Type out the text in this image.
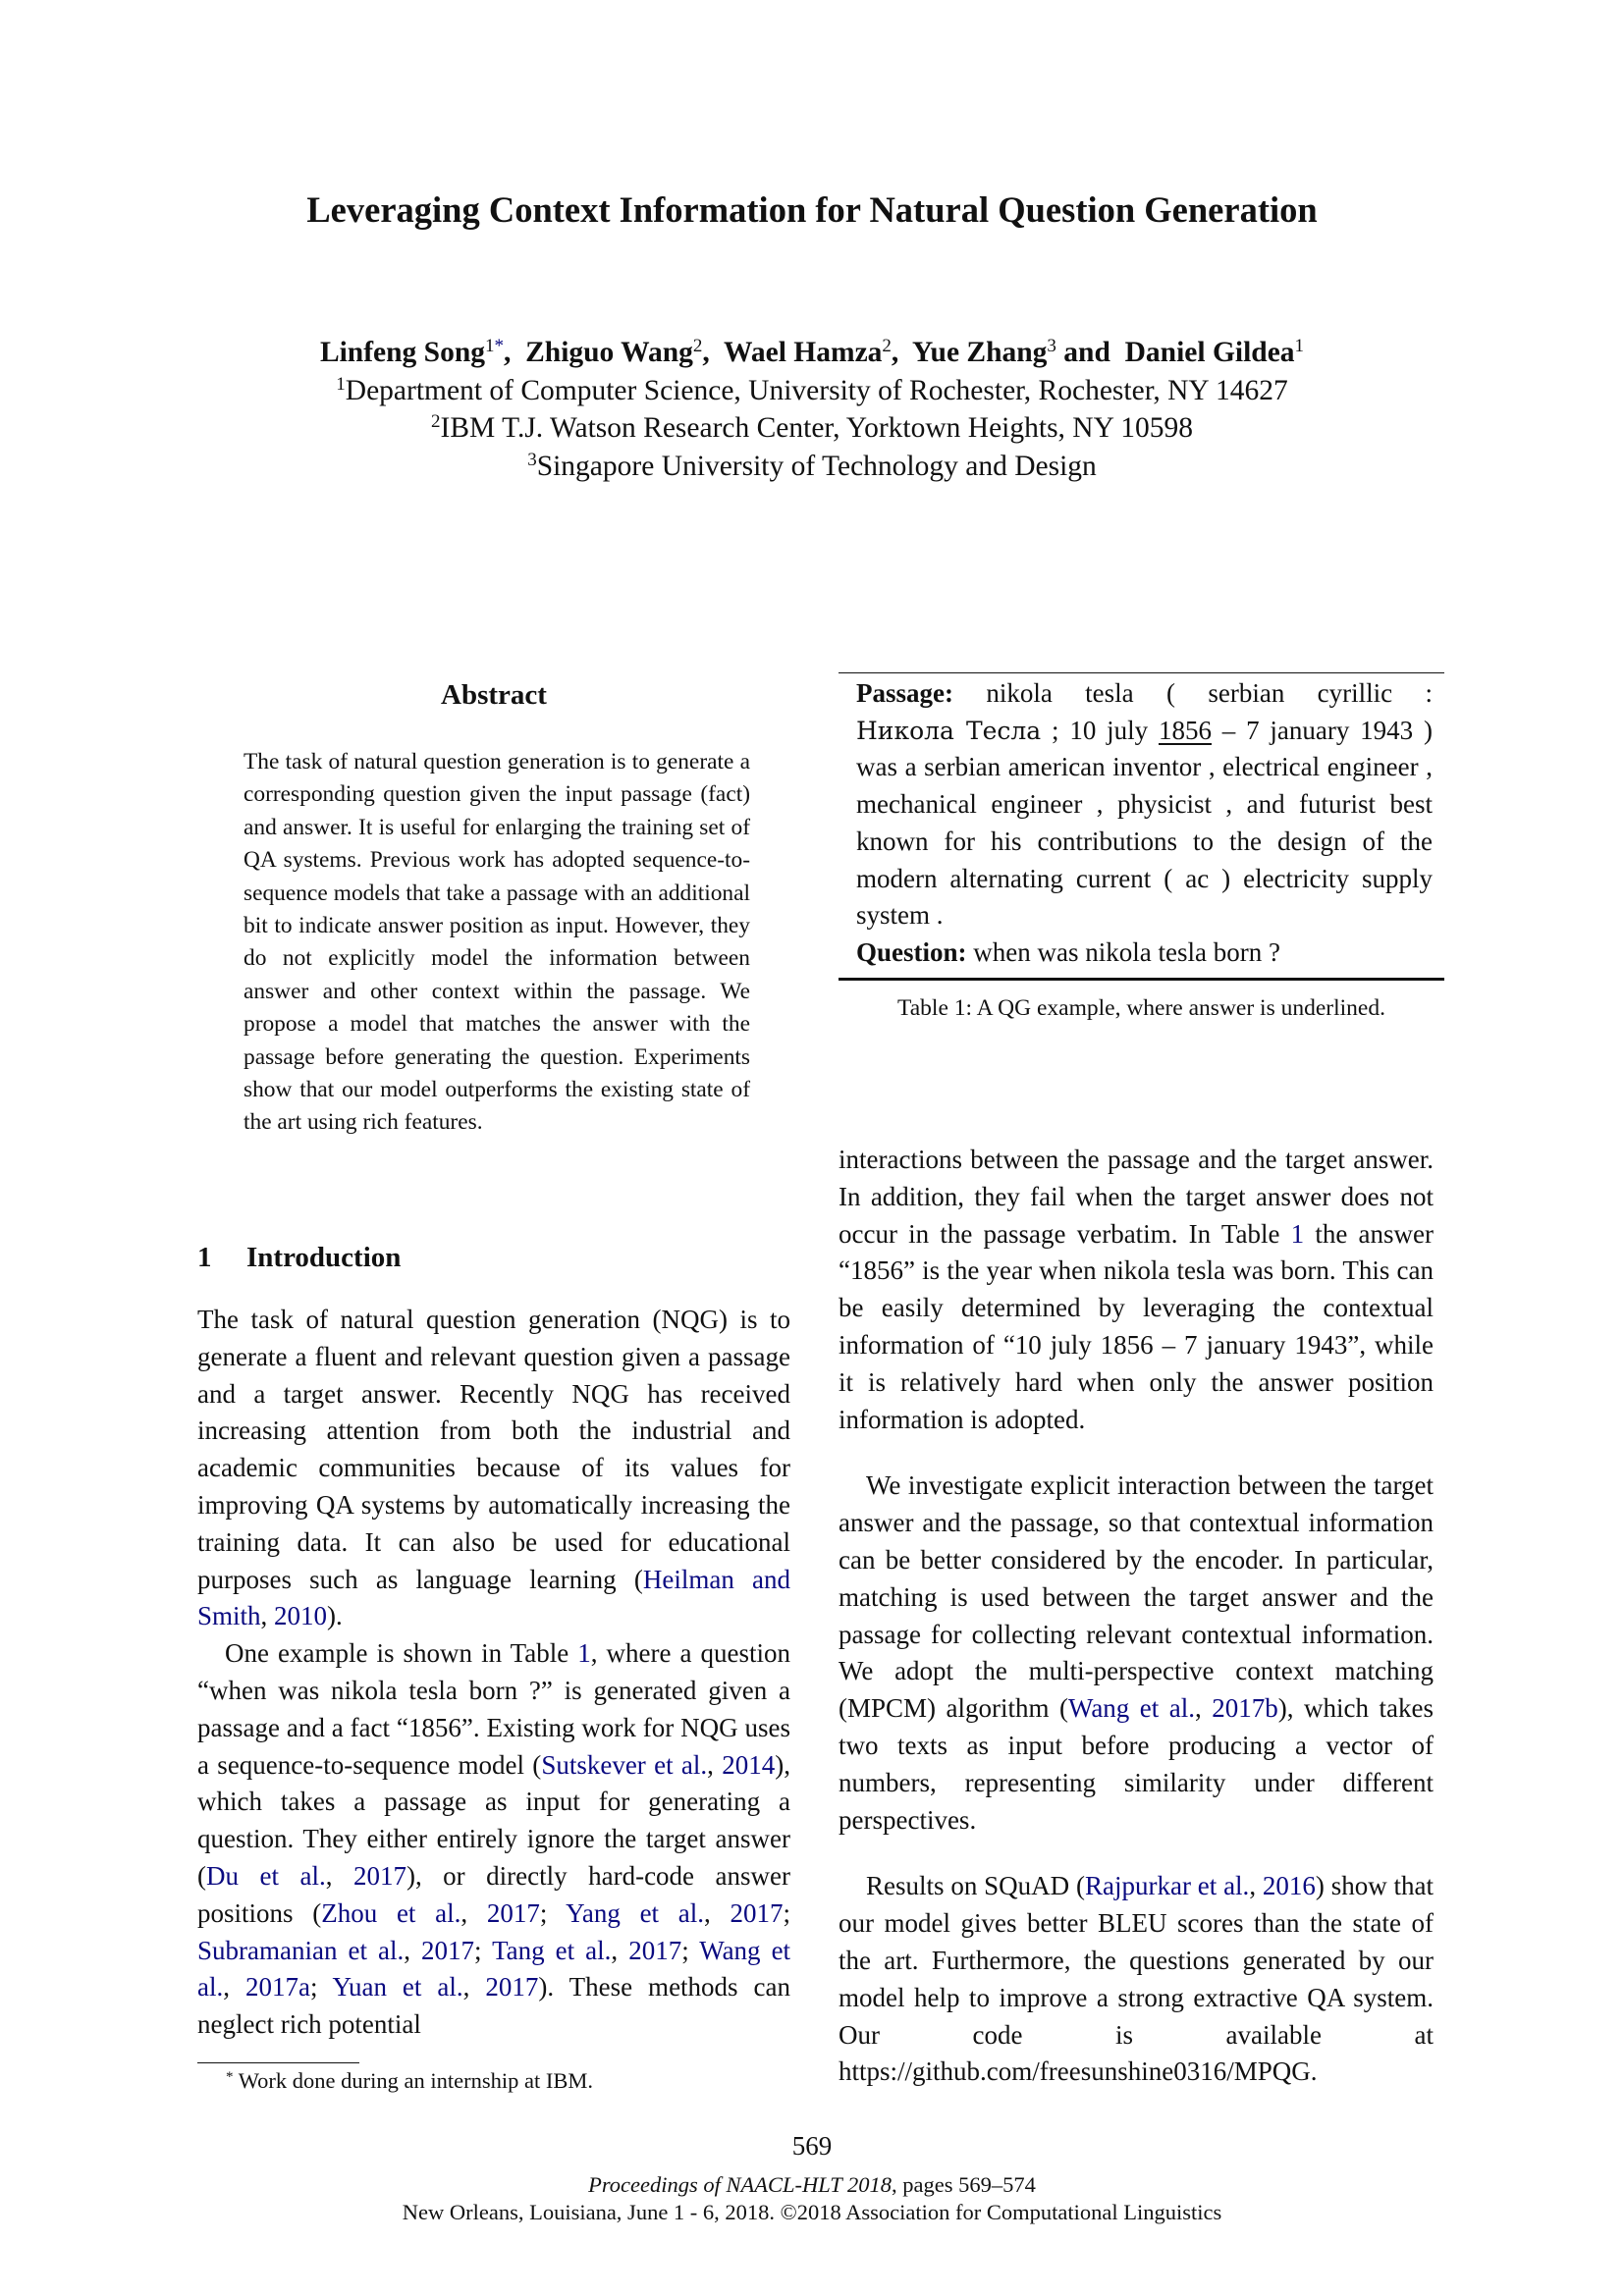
Leveraging Context Information for Natural Question Generation
Linfeng Song$^{1*}$,  Zhiguo Wang$^2$,  Wael Hamza$^2$,  Yue Zhang$^3$ and  Daniel Gildea$^1$
$^1$Department of Computer Science, University of Rochester, Rochester, NY 14627
$^2$IBM T.J. Watson Research Center, Yorktown Heights, NY 10598
$^3$Singapore University of Technology and Design
Abstract
The task of natural question generation is to generate a corresponding question given the input passage (fact) and answer. It is useful for enlarging the training set of QA systems. Previous work has adopted sequence-to-sequence models that take a passage with an additional bit to indicate answer position as input. However, they do not explicitly model the information between answer and other context within the passage. We propose a model that matches the answer with the passage before generating the question. Experiments show that our model outperforms the existing state of the art using rich features.
1 Introduction

The task of natural question generation (NQG) is to generate a fluent and relevant question given a passage and a target answer. Recently NQG has received increasing attention from both the industrial and academic communities because of its values for improving QA systems by automatically increasing the training data. It can also be used for educational purposes such as language learning (Heilman and Smith, 2010).

One example is shown in Table 1, where a question “when was nikola tesla born ?” is generated given a passage and a fact “1856”. Existing work for NQG uses a sequence-to-sequence model (Sutskever et al., 2014), which takes a passage as input for generating a question. They either entirely ignore the target answer (Du et al., 2017), or directly hard-code answer positions (Zhou et al., 2017; Yang et al., 2017; Subramanian et al., 2017; Tang et al., 2017; Wang et al., 2017a; Yuan et al., 2017). These methods can neglect rich potential

* Work done during an internship at IBM.
Passage: nikola tesla ( serbian cyrillic : Никола Тесла ; 10 july 1856 – 7 january 1943 ) was a serbian american inventor , electrical engineer , mechanical engineer , physicist , and futurist best known for his contributions to the design of the modern alternating current ( ac ) electricity supply system .
Question: when was nikola tesla born ?
Table 1: A QG example, where answer is underlined.

interactions between the passage and the target answer. In addition, they fail when the target answer does not occur in the passage verbatim. In Table 1 the answer “1856” is the year when nikola tesla was born. This can be easily determined by leveraging the contextual information of “10 july 1856 – 7 january 1943”, while it is relatively hard when only the answer position information is adopted.

We investigate explicit interaction between the target answer and the passage, so that contextual information can be better considered by the encoder. In particular, matching is used between the target answer and the passage for collecting relevant contextual information. We adopt the multi-perspective context matching (MPCM) algorithm (Wang et al., 2017b), which takes two texts as input before producing a vector of numbers, representing similarity under different perspectives.

Results on SQuAD (Rajpurkar et al., 2016) show that our model gives better BLEU scores than the state of the art. Furthermore, the questions generated by our model help to improve a strong extractive QA system. Our code is available at https://github.com/freesunshine0316/MPQG.

569
Proceedings of NAACL-HLT 2018, pages 569–574
New Orleans, Louisiana, June 1 - 6, 2018. ©2018 Association for Computational Linguistics
